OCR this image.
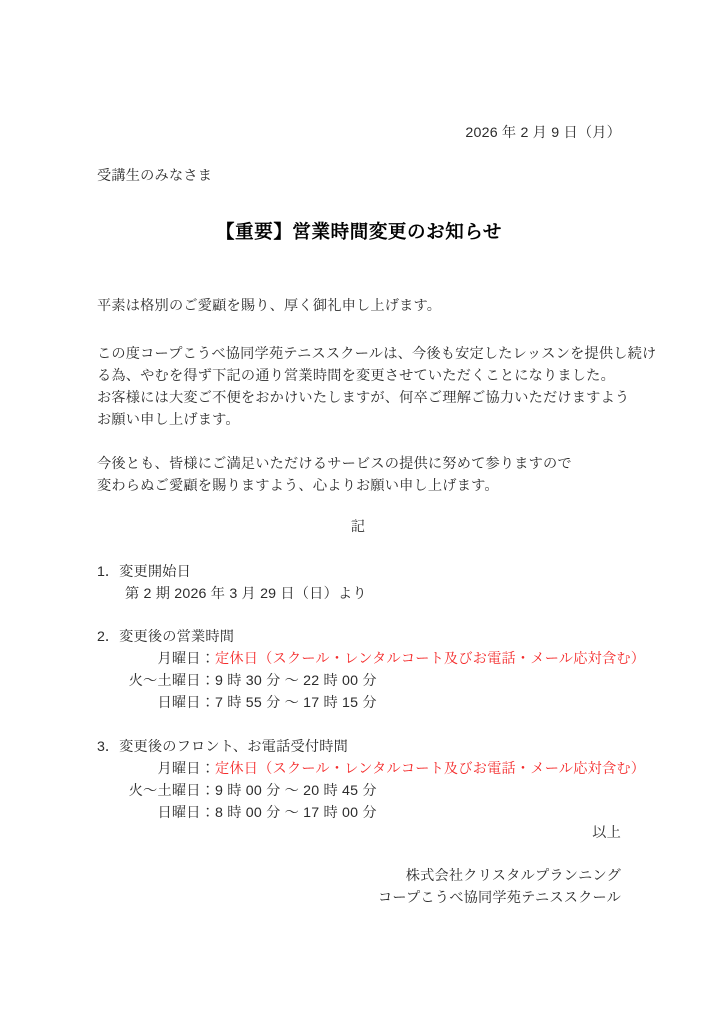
2026 年 2 月 9 日（月）
受講生のみなさま
【重要】営業時間変更のお知らせ
平素は格別のご愛顧を賜り、厚く御礼申し上げます。
この度コープこうべ協同学苑テニススクールは、今後も安定したレッスンを提供し続け
る為、やむを得ず下記の通り営業時間を変更させていただくことになりました。
お客様には大変ご不便をおかけいたしますが、何卒ご理解ご協力いただけますよう
お願い申し上げます。
今後とも、皆様にご満足いただけるサービスの提供に努めて参りますので
変わらぬご愛顧を賜りますよう、心よりお願い申し上げます。
記
1．変更開始日
第 2 期 2026 年 3 月 29 日（日）より
2．変更後の営業時間
月曜日：定休日（スクール・レンタルコート及びお電話・メール応対含む）
火～土曜日：9 時 30 分 ～ 22 時 00 分
日曜日：7 時 55 分 ～ 17 時 15 分
3．変更後のフロント、お電話受付時間
月曜日：定休日（スクール・レンタルコート及びお電話・メール応対含む）
火～土曜日：9 時 00 分 ～ 20 時 45 分
日曜日：8 時 00 分 ～ 17 時 00 分
以上
株式会社クリスタルプランニング
コープこうべ協同学苑テニススクール
